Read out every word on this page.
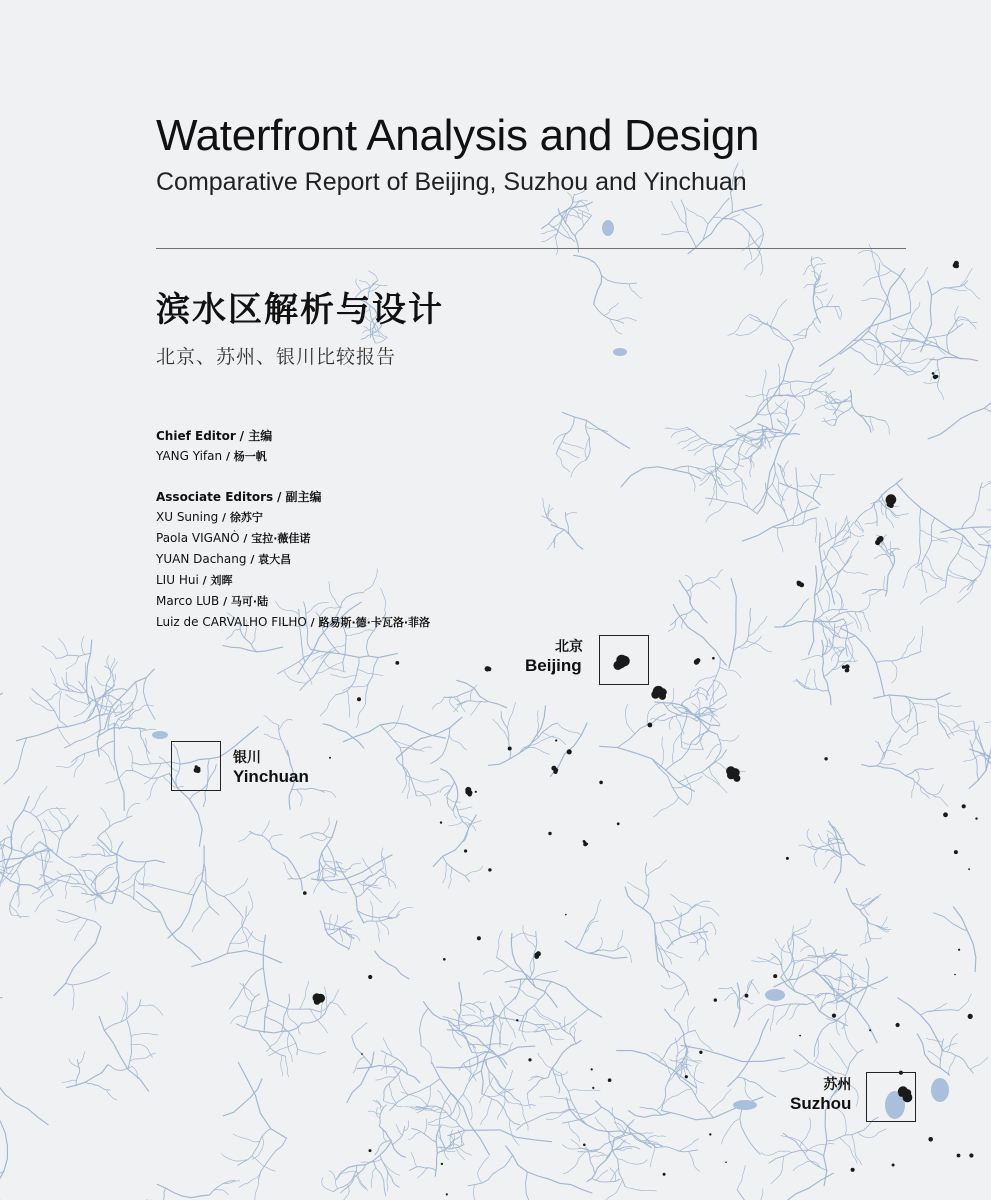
Waterfront Analysis and Design

Comparative Report of Beijing, Suzhou and Yinchuan

滨水区解析与设计

北京、苏州、银川比较报告

Chief Editor / 主编
YANG Yifan / 杨一帆
Associate Editors / 副主编
XU Suning / 徐苏宁
Paola VIGANÒ / 宝拉·薇佳诺
YUAN Dachang / 袁大昌
LIU Hui / 刘晖
Marco LUB / 马可·陆
Luiz de CARVALHO FILHO / 路易斯·德·卡瓦洛·菲洛
北京
Beijing
银川
Yinchuan
苏州
Suzhou
